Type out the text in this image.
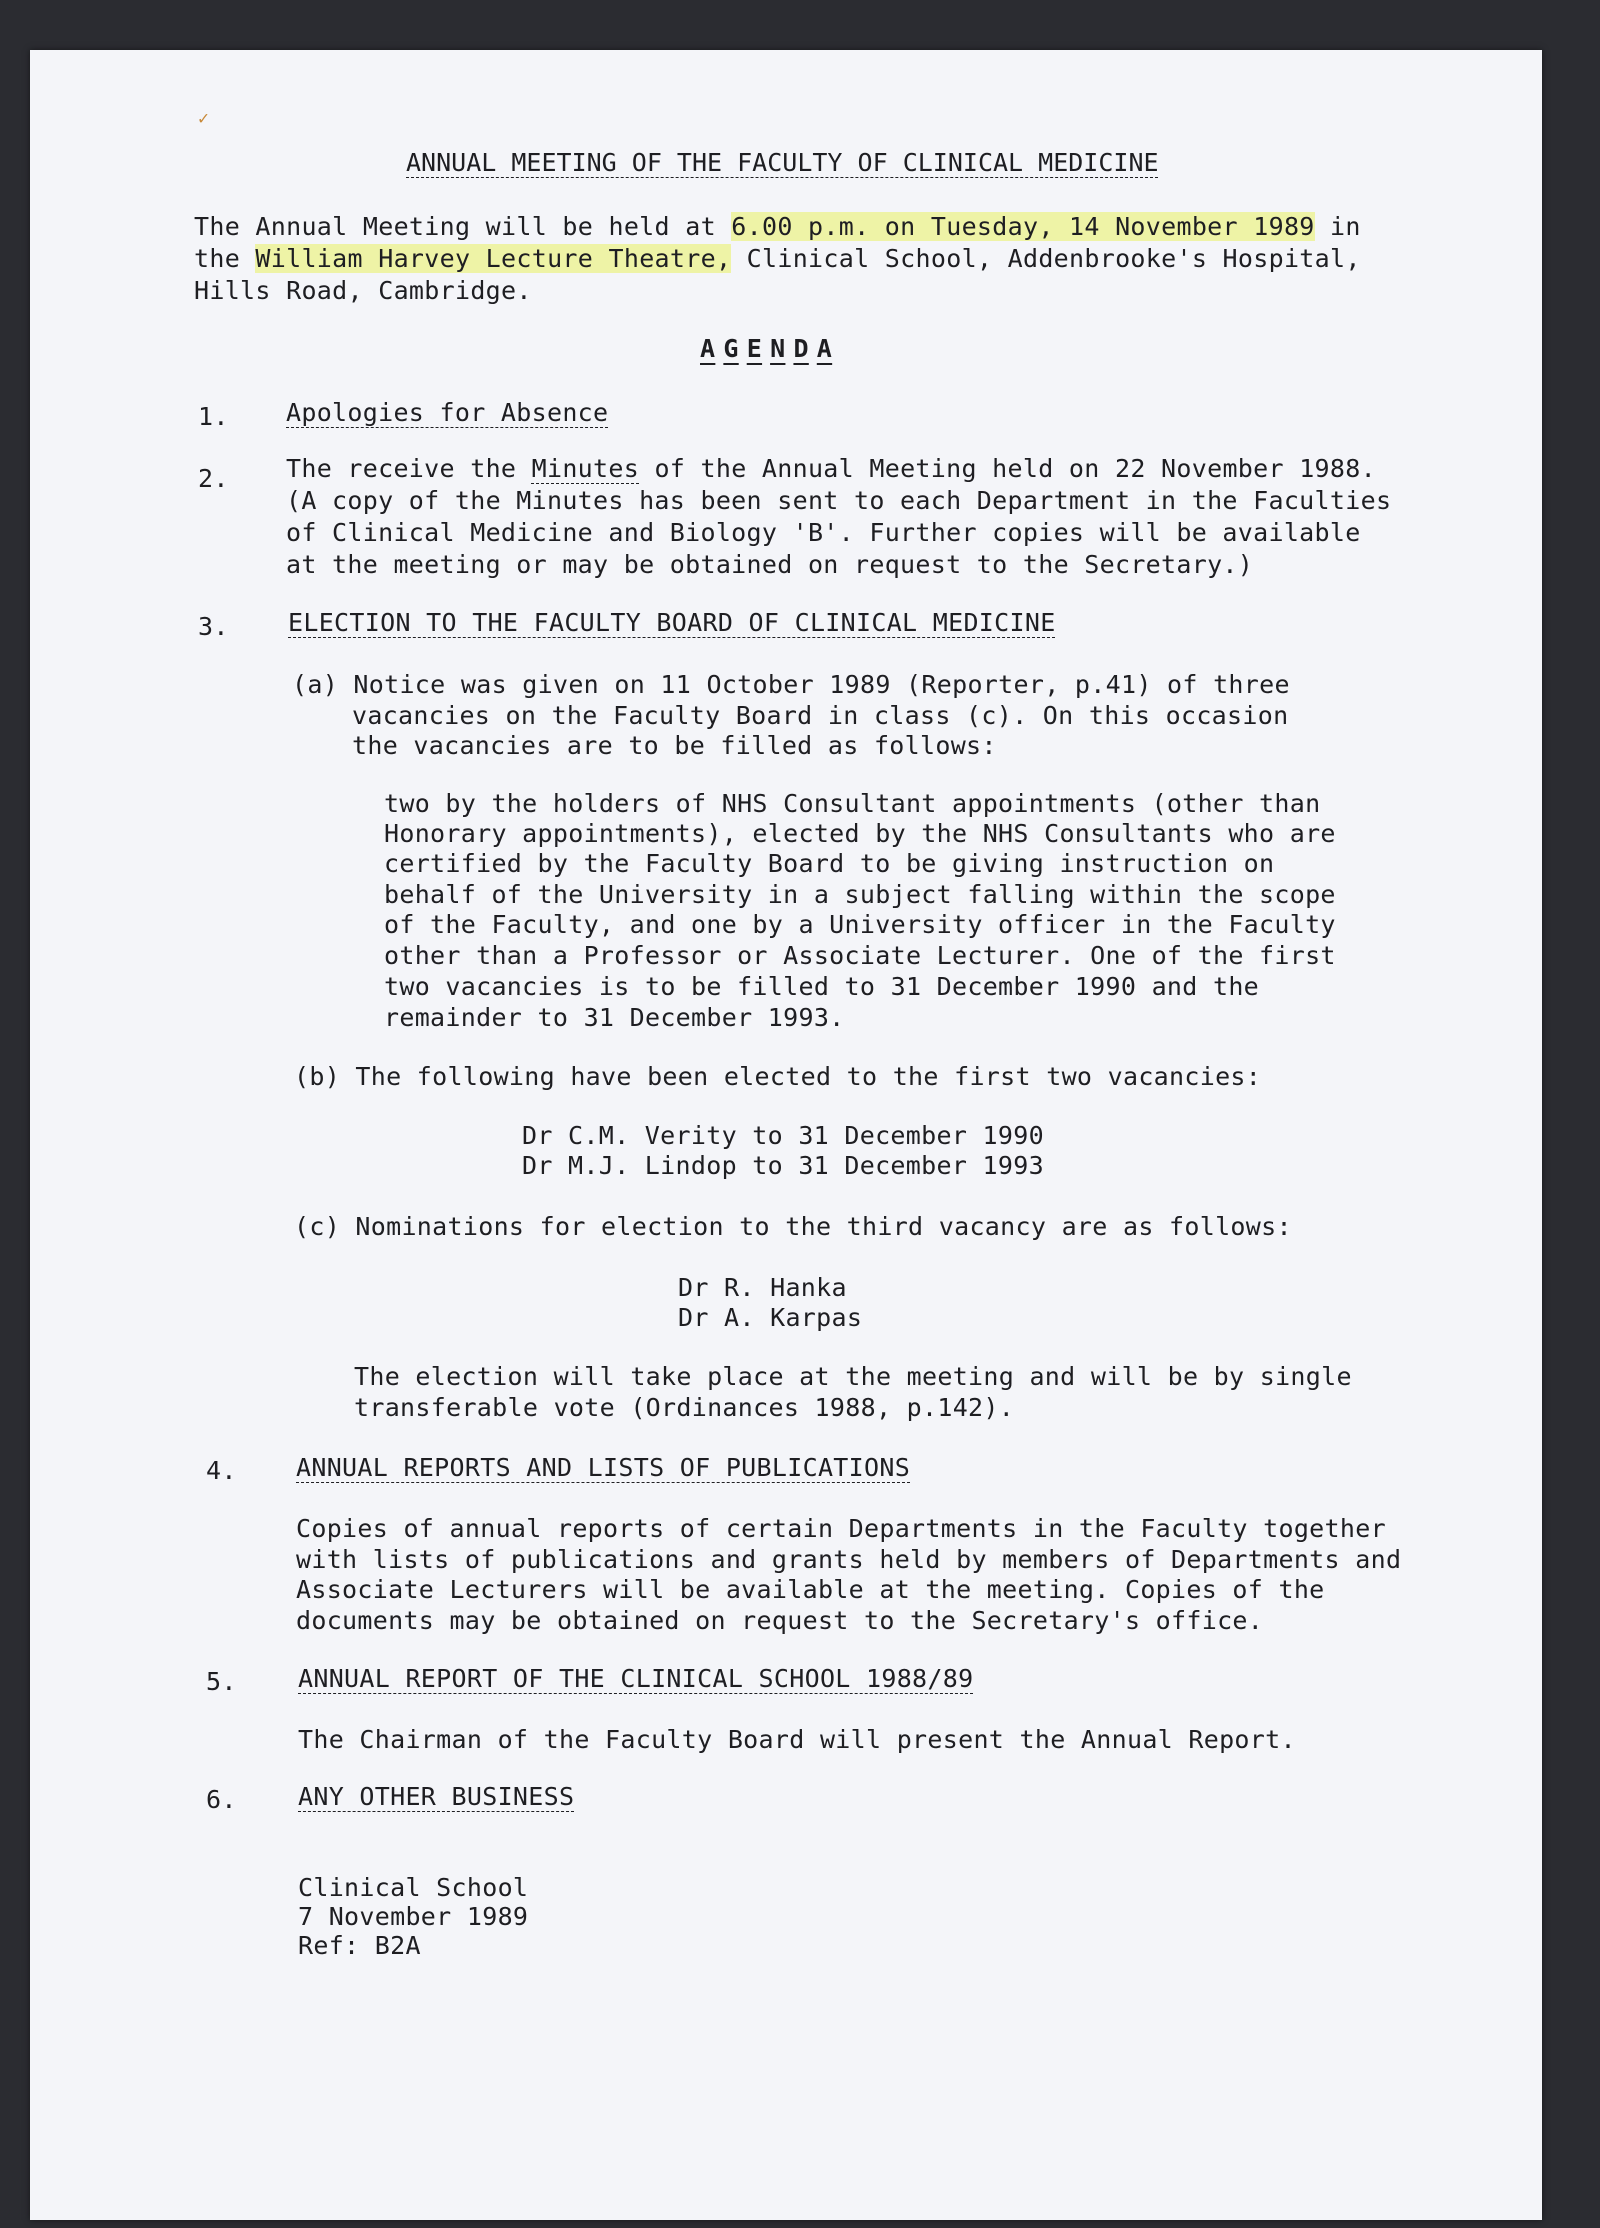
✓
ANNUAL MEETING OF THE FACULTY OF CLINICAL MEDICINE
The Annual Meeting will be held at 6.00 p.m. on Tuesday, 14 November 1989 in
the William Harvey Lecture Theatre, Clinical School, Addenbrooke's Hospital,
Hills Road, Cambridge.
A G E N D A
1. Apologies for Absence
2. The receive the Minutes of the Annual Meeting held on 22 November 1988.
(A copy of the Minutes has been sent to each Department in the Faculties
of Clinical Medicine and Biology 'B'. Further copies will be available
at the meeting or may be obtained on request to the Secretary.)
3. ELECTION TO THE FACULTY BOARD OF CLINICAL MEDICINE
(a) Notice was given on 11 October 1989 (Reporter, p.41) of three
vacancies on the Faculty Board in class (c). On this occasion
the vacancies are to be filled as follows:
two by the holders of NHS Consultant appointments (other than
Honorary appointments), elected by the NHS Consultants who are
certified by the Faculty Board to be giving instruction on
behalf of the University in a subject falling within the scope
of the Faculty, and one by a University officer in the Faculty
other than a Professor or Associate Lecturer. One of the first
two vacancies is to be filled to 31 December 1990 and the
remainder to 31 December 1993.
(b) The following have been elected to the first two vacancies:
Dr C.M. Verity to 31 December 1990
Dr M.J. Lindop to 31 December 1993
(c) Nominations for election to the third vacancy are as follows:
Dr R. Hanka
Dr A. Karpas
The election will take place at the meeting and will be by single
transferable vote (Ordinances 1988, p.142).
4. ANNUAL REPORTS AND LISTS OF PUBLICATIONS
Copies of annual reports of certain Departments in the Faculty together
with lists of publications and grants held by members of Departments and
Associate Lecturers will be available at the meeting. Copies of the
documents may be obtained on request to the Secretary's office.
5. ANNUAL REPORT OF THE CLINICAL SCHOOL 1988/89
The Chairman of the Faculty Board will present the Annual Report.
6. ANY OTHER BUSINESS
Clinical School
7 November 1989
Ref: B2A
